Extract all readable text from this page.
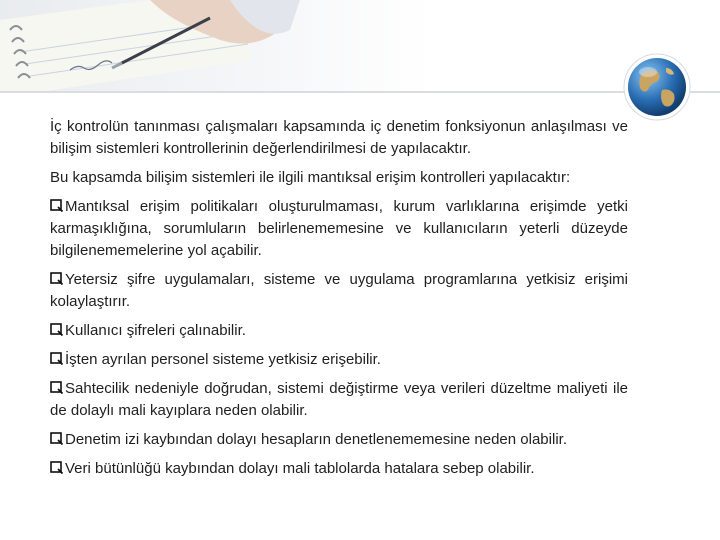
İç kontrolün tanınması çalışmaları kapsamında iç denetim fonksiyonun anlaşılması ve bilişim sistemleri kontrollerinin değerlendirilmesi de yapılacaktır.

Bu kapsamda bilişim sistemleri ile ilgili mantıksal erişim kontrolleri yapılacaktır:

Mantıksal erişim politikaları oluşturulmaması, kurum varlıklarına erişimde yetki karmaşıklığına, sorumluların belirlenememesine ve kullanıcıların yeterli düzeyde bilgilenememelerine yol açabilir.

Yetersiz şifre uygulamaları, sisteme ve uygulama programlarına yetkisiz erişimi kolaylaştırır.

Kullanıcı şifreleri çalınabilir.

İşten ayrılan personel sisteme yetkisiz erişebilir.

Sahtecilik nedeniyle doğrudan, sistemi değiştirme veya verileri düzeltme maliyeti ile de dolaylı mali kayıplara neden olabilir.

Denetim izi kaybından dolayı hesapların denetlenememesine neden olabilir.

Veri bütünlüğü kaybından dolayı mali tablolarda hatalara sebep olabilir.
